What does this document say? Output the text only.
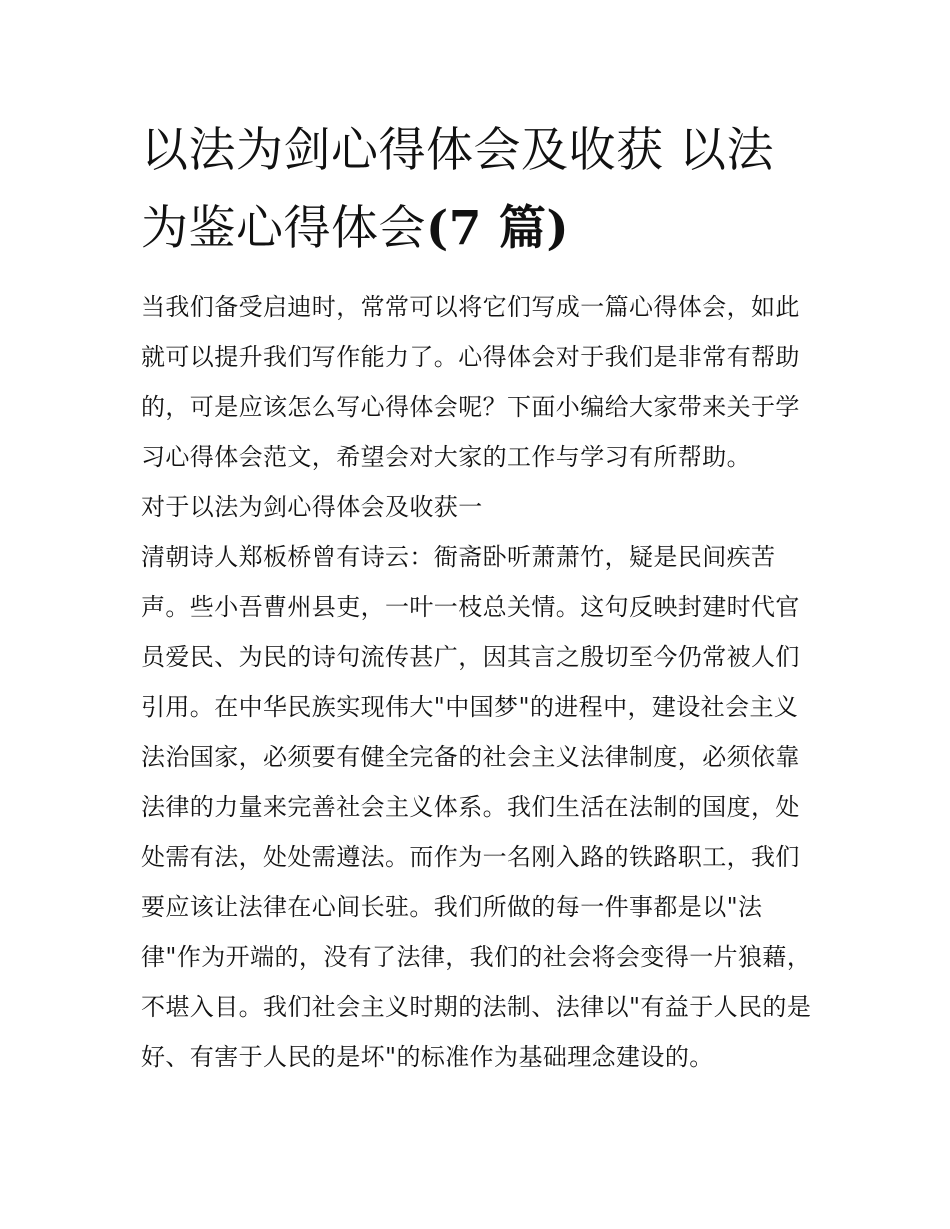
以法为剑心得体会及收获 以法为鉴心得体会(7 篇)

当我们备受启迪时，常常可以将它们写成一篇心得体会，如此就可以提升我们写作能力了。心得体会对于我们是非常有帮助的，可是应该怎么写心得体会呢？下面小编给大家带来关于学习心得体会范文，希望会对大家的工作与学习有所帮助。

对于以法为剑心得体会及收获一

清朝诗人郑板桥曾有诗云：衙斋卧听萧萧竹，疑是民间疾苦声。些小吾曹州县吏，一叶一枝总关情。这句反映封建时代官员爱民、为民的诗句流传甚广，因其言之殷切至今仍常被人们引用。在中华民族实现伟大"中国梦"的进程中，建设社会主义法治国家，必须要有健全完备的社会主义法律制度，必须依靠法律的力量来完善社会主义体系。我们生活在法制的国度，处处需有法，处处需遵法。而作为一名刚入路的铁路职工，我们要应该让法律在心间长驻。我们所做的每一件事都是以"法律"作为开端的，没有了法律，我们的社会将会变得一片狼藉，不堪入目。我们社会主义时期的法制、法律以"有益于人民的是好、有害于人民的是坏"的标准作为基础理念建设的。
